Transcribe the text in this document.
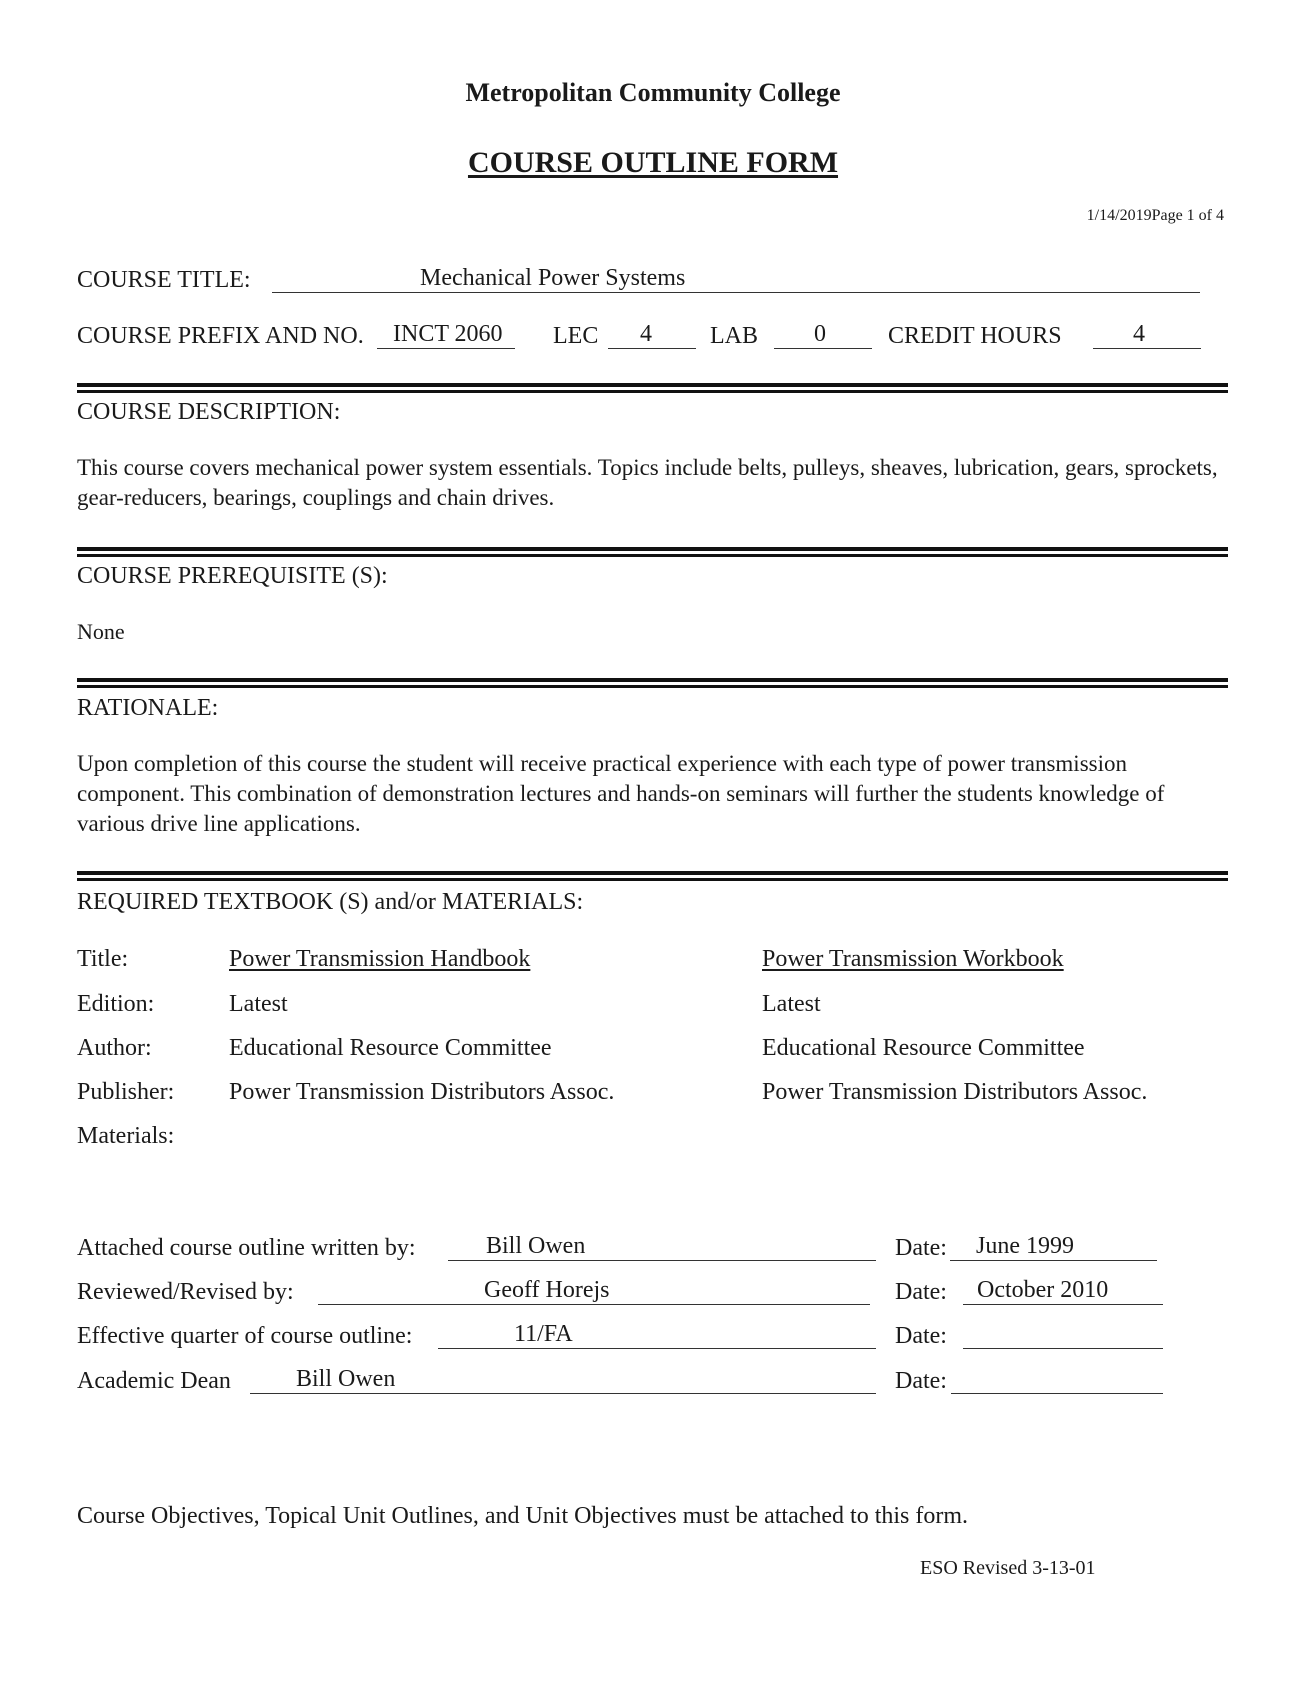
Metropolitan Community College
COURSE OUTLINE FORM
1/14/2019Page 1 of 4
COURSE TITLE:	Mechanical Power Systems
COURSE PREFIX AND NO. INCT 2060 LEC 4 LAB 0	CREDIT HOURS	4
COURSE DESCRIPTION:
This course covers mechanical power system essentials. Topics include belts, pulleys, sheaves, lubrication, gears, sprockets, gear-reducers, bearings, couplings and chain drives.
COURSE PREREQUISITE (S):
None
RATIONALE:
Upon completion of this course the student will receive practical experience with each type of power transmission component. This combination of demonstration lectures and hands-on seminars will further the students knowledge of various drive line applications.
REQUIRED TEXTBOOK (S) and/or MATERIALS:
Title:	Power Transmission Handbook	Power Transmission Workbook
Edition:	Latest	Latest
Author:	Educational Resource Committee	Educational Resource Committee
Publisher: Power Transmission Distributors Assoc.	Power Transmission Distributors Assoc.
Materials:
Attached course outline written by:	Bill Owen	Date: June 1999
Reviewed/Revised by:	Geoff Horejs	Date: October 2010
Effective quarter of course outline:	11/FA	Date:
Academic Dean	Bill Owen	Date:
Course Objectives, Topical Unit Outlines, and Unit Objectives must be attached to this form.
ESO Revised 3-13-01
